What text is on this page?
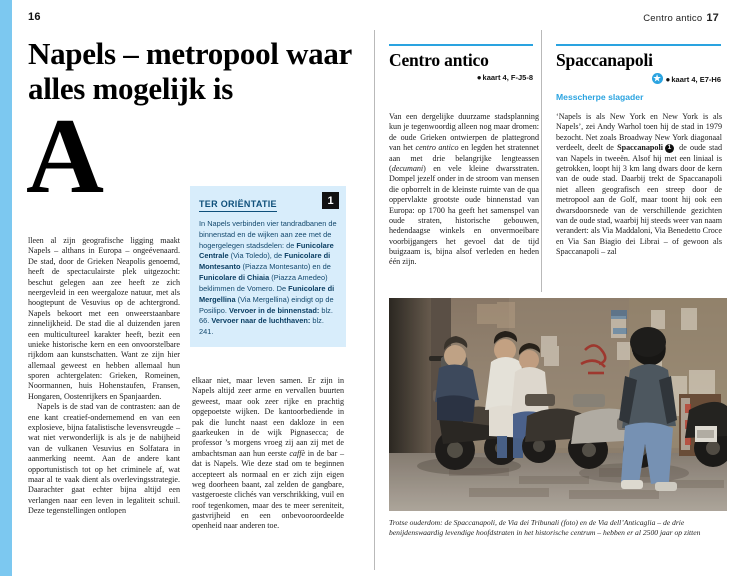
16	Centro antico 17
Napels – metropool waar alles mogelijk is
A

lleen al zijn geografische ligging maakt Napels – althans in Europa – ongeévenaard. De stad, door de Grieken Neapolis genoemd, heeft de spectaculairste plek uitgezocht: beschut gelegen aan zee heeft ze zich neergevleid in een weergaloze natuur, met als hoogtepunt de Vesuvius op de achtergrond. Napels bekoort met een onweerstaanbare zinnelijkheid. De stad die al duizenden jaren een multicultureel karakter heeft, bezit een unieke historische kern en een onvoorstelbare rijkdom aan kunstschatten. Want ze zijn hier allemaal geweest en hebben allemaal hun sporen achtergelaten: Grieken, Romeinen, Noormannen, huis Hohenstaufen, Fransen, Hongaren, Oostenrijkers en Spanjaarden.

Napels is de stad van de contrasten: aan de ene kant creatief-ondernemend en van een explosieve, bijna fatalistische levensvreugde – wat niet verwonderlijk is als je de nabijheid van de vulkanen Vesuvius en Solfatara in aanmerking neemt. Aan de andere kant opportunistisch tot op het criminele af, wat maar al te vaak dient als overlevingsstrategie. Daarachter gaat echter bijna altijd een verlangen naar een leven in legaliteit schuil. Deze tegenstellingen ontlopen

elkaar niet, maar leven samen. Er zijn in Napels altijd zeer arme en vervallen buurten geweest, maar ook zeer rijke en prachtig opgepoetste wijken. De kantoorbediende in pak die luncht naast een dakloze in een gaarkeuken in de wijk Pignasecca; de professor ’s morgens vroeg zij aan zij met de ambachtsman aan hun eerste caffè in de bar – dat is Napels. Wie deze stad om te beginnen accepteert als normaal en er zich zijn eigen weg doorheen baant, zal zelden de gangbare, vastgeroeste clichés van verschrikking, vuil en roof tegenkomen, maar des te meer sereniteit, gastvrijheid en een onbevooroordeelde openheid naar anderen toe.

1
TER ORIËNTATIE
In Napels verbinden vier tandradbanen de binnenstad en de wijken aan zee met de hogergelegen stadsdelen: de Funicolare Centrale (Via Toledo), de Funicolare di Montesanto (Piazza Montesanto) en de Funicolare di Chiaia (Piazza Amedeo) beklimmen de Vomero. De Funicolare di Mergellina (Via Mergellina) eindigt op de Posilipo. Vervoer in de binnenstad: blz. 66. Vervoer naar de luchthaven: blz. 241.
Centro antico
●kaart 4, F-J5-8

Van een dergelijke duurzame stadsplanning kun je tegenwoordig alleen nog maar dromen: de oude Grieken ontwierpen de plattegrond van het centro antico en legden het stratennet aan met drie belangrijke lengteassen (decumani) en vele kleine dwarsstraten. Dompel jezelf onder in de stroom van mensen die opborrelt in de kleinste ruimte van de qua oppervlakte grootste oude binnenstad van Europa: op 1700 ha geeft het samenspel van oude straten, historische gebouwen, hedendaagse winkels en onvermoeibare voorbijgangers het gevoel dat de tijd buigzaam is, bijna alsof verleden en heden één zijn.

Spaccanapoli
★●kaart 4, E7-H6
Messcherpe slagader

‘Napels is als New York en New York is als Napels’, zei Andy Warhol toen hij de stad in 1979 bezocht. Net zoals Broadway New York diagonaal verdeelt, deelt de Spaccanapoli 1 de oude stad van Napels in tweeën. Alsof hij met een liniaal is getrokken, loopt hij 3 km lang dwars door de kern van de oude stad. Daarbij trekt de Spaccanapoli niet alleen geografisch een streep door de metropool aan de Golf, maar toont hij ook een dwarsdoorsnede van de verschillende gezichten van de oude stad, waarbij hij steeds weer van naam verandert: als Via Maddaloni, Via Benedetto Croce en Via San Biagio dei Librai – of gewoon als Spaccanapoli – zal

Trotse ouderdom: de Spaccanapoli, de Via dei Tribunali (foto) en de Via dell’Anticaglia – de drie benijdenswaardig levendige hoofdstraten in het historische centrum – hebben er al 2500 jaar op zitten
